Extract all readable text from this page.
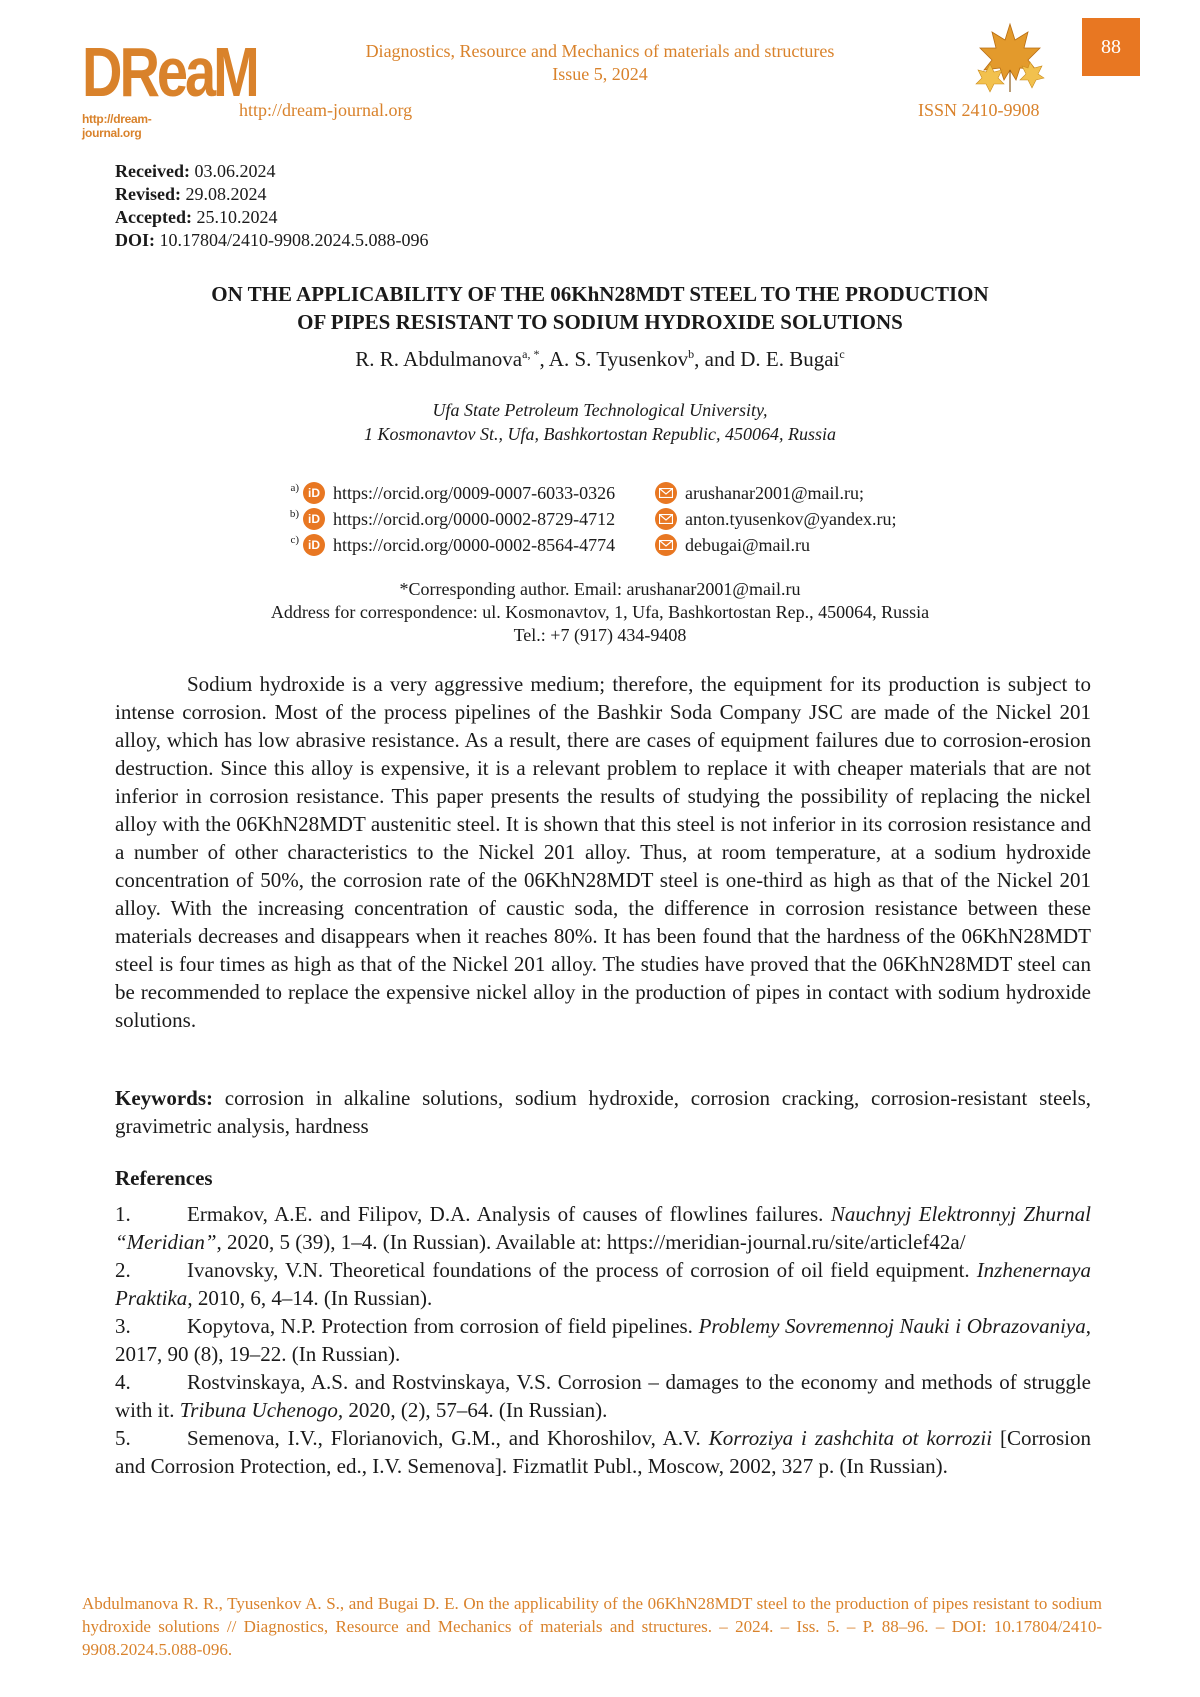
DReaM
http://dream-journal.org
Diagnostics, Resource and Mechanics of materials and structures
Issue 5, 2024
http://dream-journal.org	ISSN 2410-9908
88
Received: 03.06.2024
Revised: 29.08.2024
Accepted: 25.10.2024
DOI: 10.17804/2410-9908.2024.5.088-096
ON THE APPLICABILITY OF THE 06KhN28MDT STEEL TO THE PRODUCTION
OF PIPES RESISTANT TO SODIUM HYDROXIDE SOLUTIONS
R. R. Abdulmanova$^{a, *}$, A. S. Tyusenkov$^b$, and D. E. Bugai$^c$
Ufa State Petroleum Technological University,
1 Kosmonavtov St., Ufa, Bashkortostan Republic, 450064, Russia
a) iD https://orcid.org/0009-0007-6033-0326	arushanar2001@mail.ru;
b) iD https://orcid.org/0000-0002-8729-4712	anton.tyusenkov@yandex.ru;
c) iD https://orcid.org/0000-0002-8564-4774	debugai@mail.ru
*Corresponding author. Email: arushanar2001@mail.ru
Address for correspondence: ul. Kosmonavtov, 1, Ufa, Bashkortostan Rep., 450064, Russia
Tel.: +7 (917) 434-9408

Sodium hydroxide is a very aggressive medium; therefore, the equipment for its production is subject to intense corrosion. Most of the process pipelines of the Bashkir Soda Company JSC are made of the Nickel 201 alloy, which has low abrasive resistance. As a result, there are cases of equipment failures due to corrosion-erosion destruction. Since this alloy is expensive, it is a relevant problem to replace it with cheaper materials that are not inferior in corrosion resistance. This paper presents the results of studying the possibility of replacing the nickel alloy with the 06KhN28MDT austenitic steel. It is shown that this steel is not inferior in its corrosion resistance and a number of other characteristics to the Nickel 201 alloy. Thus, at room temperature, at a sodium hydroxide concentration of 50%, the corrosion rate of the 06KhN28MDT steel is one-third as high as that of the Nickel 201 alloy. With the increasing concentration of caustic soda, the difference in corrosion resistance between these materials decreases and disappears when it reaches 80%. It has been found that the hardness of the 06KhN28MDT steel is four times as high as that of the Nickel 201 alloy. The studies have proved that the 06KhN28MDT steel can be recommended to replace the expensive nickel alloy in the production of pipes in contact with sodium hydroxide solutions.

Keywords: corrosion in alkaline solutions, sodium hydroxide, corrosion cracking, corrosion-resistant steels, gravimetric analysis, hardness

References

1.	Ermakov, A.E. and Filipov, D.A. Analysis of causes of flowlines failures. Nauchnyj Elektronnyj Zhurnal “Meridian”, 2020, 5 (39), 1–4. (In Russian). Available at: https://meridian-journal.ru/site/articlef42a/

2.	Ivanovsky, V.N. Theoretical foundations of the process of corrosion of oil field equipment. Inzhenernaya Praktika, 2010, 6, 4–14. (In Russian).

3.	Kopytova, N.P. Protection from corrosion of field pipelines. Problemy Sovremennoj Nauki i Obrazovaniya, 2017, 90 (8), 19–22. (In Russian).

4.	Rostvinskaya, A.S. and Rostvinskaya, V.S. Corrosion – damages to the economy and methods of struggle with it. Tribuna Uchenogo, 2020, (2), 57–64. (In Russian).

5.	Semenova, I.V., Florianovich, G.M., and Khoroshilov, A.V. Korroziya i zashchita ot korrozii [Corrosion and Corrosion Protection, ed., I.V. Semenova]. Fizmatlit Publ., Moscow, 2002, 327 p. (In Russian).

Abdulmanova R. R., Tyusenkov A. S., and Bugai D. E. On the applicability of the 06KhN28MDT steel to the production of pipes resistant to sodium hydroxide solutions // Diagnostics, Resource and Mechanics of materials and structures. – 2024. – Iss. 5. – P. 88–96. – DOI: 10.17804/2410-9908.2024.5.088-096.
